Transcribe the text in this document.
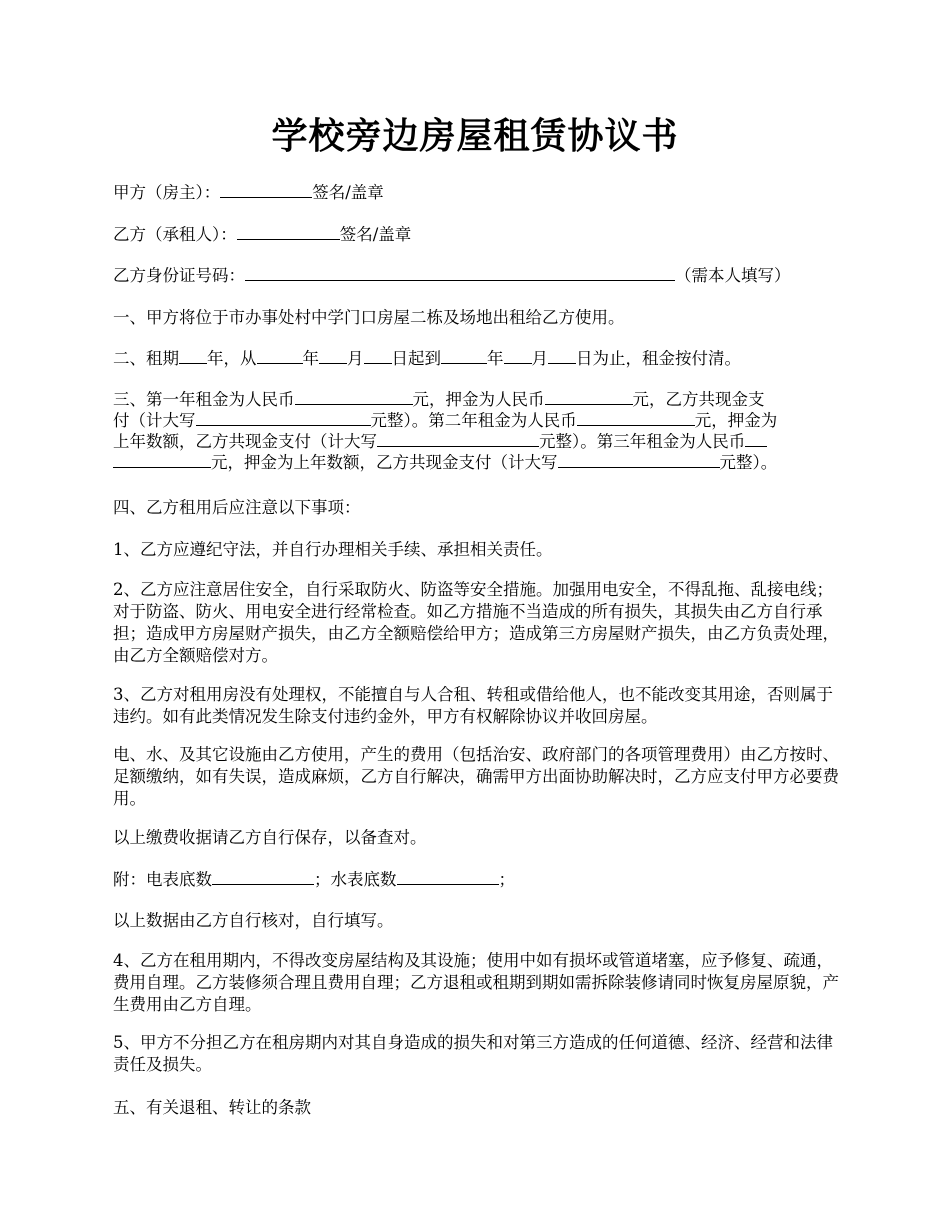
学校旁边房屋租赁协议书

甲方（房主）：	签名/盖章

乙方（承租人）：	签名/盖章

乙方身份证号码：	（需本人填写）

一、甲方将位于市办事处村中学门口房屋二栋及场地出租给乙方使用。

二、租期 年，从	年 月 日起到	年 月 日为止，租金按付清。

三、第一年租金为人民币	元，押金为人民币	元，乙方共现金支
付（计大写	元整）。第二年租金为人民币	元，押金为
上年数额，乙方共现金支付（计大写	元整）。第三年租金为人民币
元，押金为上年数额，乙方共现金支付（计大写	元整）。

四、乙方租用后应注意以下事项：

1、乙方应遵纪守法，并自行办理相关手续、承担相关责任。

2、乙方应注意居住安全，自行采取防火、防盗等安全措施。加强用电安全，不得乱拖、乱接电线；对于防盗、防火、用电安全进行经常检查。如乙方措施不当造成的所有损失，其损失由乙方自行承担；造成甲方房屋财产损失，由乙方全额赔偿给甲方；造成第三方房屋财产损失，由乙方负责处理，由乙方全额赔偿对方。

3、乙方对租用房没有处理权，不能擅自与人合租、转租或借给他人，也不能改变其用途，否则属于违约。如有此类情况发生除支付违约金外，甲方有权解除协议并收回房屋。

电、水、及其它设施由乙方使用，产生的费用（包括治安、政府部门的各项管理费用）由乙方按时、足额缴纳，如有失误，造成麻烦，乙方自行解决，确需甲方出面协助解决时，乙方应支付甲方必要费用。

以上缴费收据请乙方自行保存，以备查对。

附：电表底数	；水表底数	；

以上数据由乙方自行核对，自行填写。

4、乙方在租用期内，不得改变房屋结构及其设施；使用中如有损坏或管道堵塞，应予修复、疏通，费用自理。乙方装修须合理且费用自理；乙方退租或租期到期如需拆除装修请同时恢复房屋原貌，产生费用由乙方自理。

5、甲方不分担乙方在租房期内对其自身造成的损失和对第三方造成的任何道德、经济、经营和法律责任及损失。

五、有关退租、转让的条款
